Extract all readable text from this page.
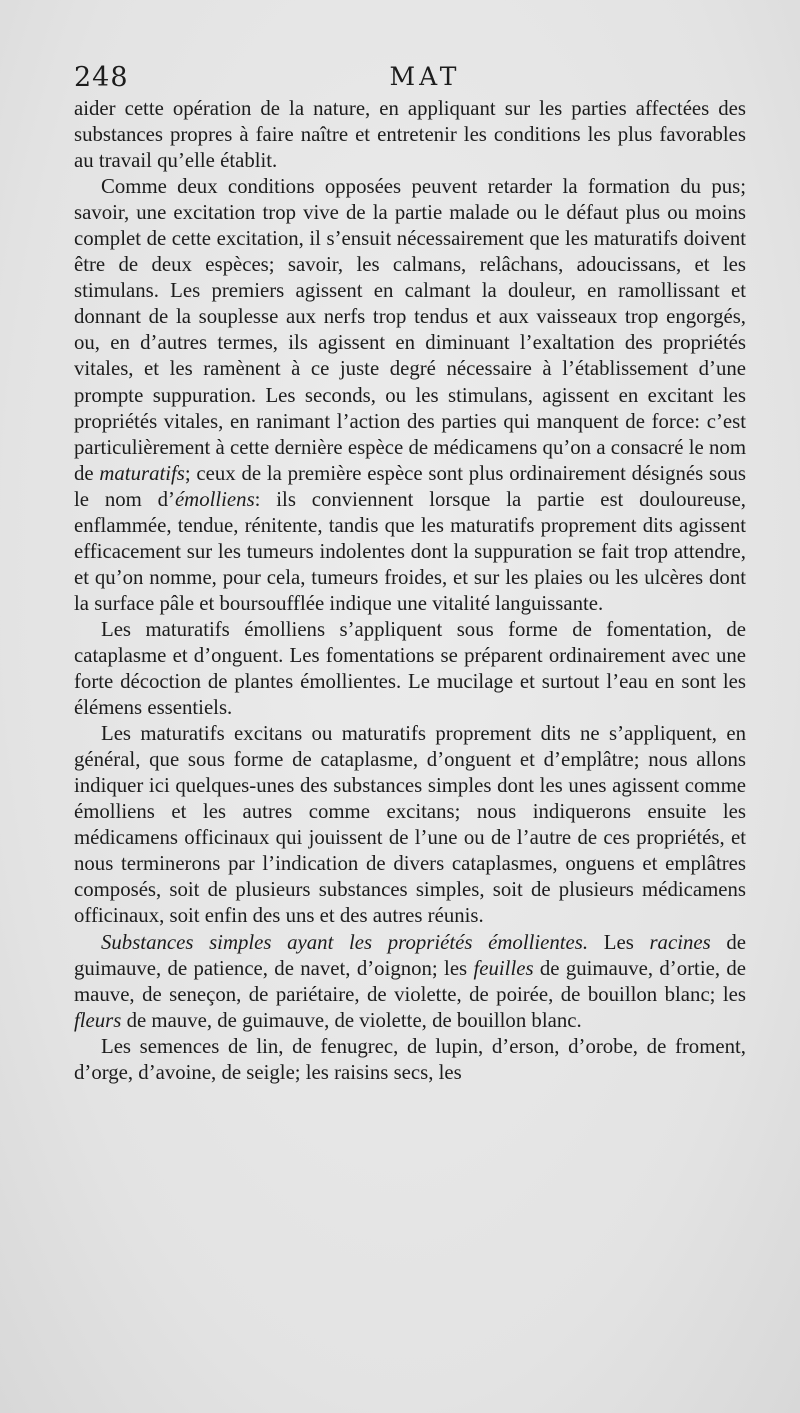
248	MAT

aider cette opération de la nature, en appliquant sur les parties affectées des substances propres à faire naître et entretenir les conditions les plus favorables au travail qu’elle établit.

Comme deux conditions opposées peuvent retarder la formation du pus; savoir, une excitation trop vive de la partie malade ou le défaut plus ou moins complet de cette excitation, il s’ensuit nécessairement que les maturatifs doivent être de deux espèces; savoir, les calmans, relâchans, adoucissans, et les stimulans. Les premiers agissent en calmant la douleur, en ramollissant et donnant de la souplesse aux nerfs trop tendus et aux vaisseaux trop engorgés, ou, en d’autres termes, ils agissent en diminuant l’exaltation des propriétés vitales, et les ramènent à ce juste degré nécessaire à l’établissement d’une prompte suppuration. Les seconds, ou les stimulans, agissent en excitant les propriétés vitales, en ranimant l’action des parties qui manquent de force: c’est particulièrement à cette dernière espèce de médicamens qu’on a consacré le nom de maturatifs; ceux de la première espèce sont plus ordinairement désignés sous le nom d’émolliens: ils conviennent lorsque la partie est douloureuse, enflammée, tendue, rénitente, tandis que les maturatifs proprement dits agissent efficacement sur les tumeurs indolentes dont la suppuration se fait trop attendre, et qu’on nomme, pour cela, tumeurs froides, et sur les plaies ou les ulcères dont la surface pâle et boursoufflée indique une vitalité languissante.

Les maturatifs émolliens s’appliquent sous forme de fomentation, de cataplasme et d’onguent. Les fomentations se préparent ordinairement avec une forte décoction de plantes émollientes. Le mucilage et surtout l’eau en sont les élémens essentiels.

Les maturatifs excitans ou maturatifs proprement dits ne s’appliquent, en général, que sous forme de cataplasme, d’onguent et d’emplâtre; nous allons indiquer ici quelques-unes des substances simples dont les unes agissent comme émolliens et les autres comme excitans; nous indiquerons ensuite les médicamens officinaux qui jouissent de l’une ou de l’autre de ces propriétés, et nous terminerons par l’indication de divers cataplasmes, onguens et emplâtres composés, soit de plusieurs substances simples, soit de plusieurs médicamens officinaux, soit enfin des uns et des autres réunis.

Substances simples ayant les propriétés émollientes. Les racines de guimauve, de patience, de navet, d’oignon; les feuilles de guimauve, d’ortie, de mauve, de seneçon, de pariétaire, de violette, de poirée, de bouillon blanc; les fleurs de mauve, de guimauve, de violette, de bouillon blanc.

Les semences de lin, de fenugrec, de lupin, d’erson, d’orobe, de froment, d’orge, d’avoine, de seigle; les raisins secs, les
